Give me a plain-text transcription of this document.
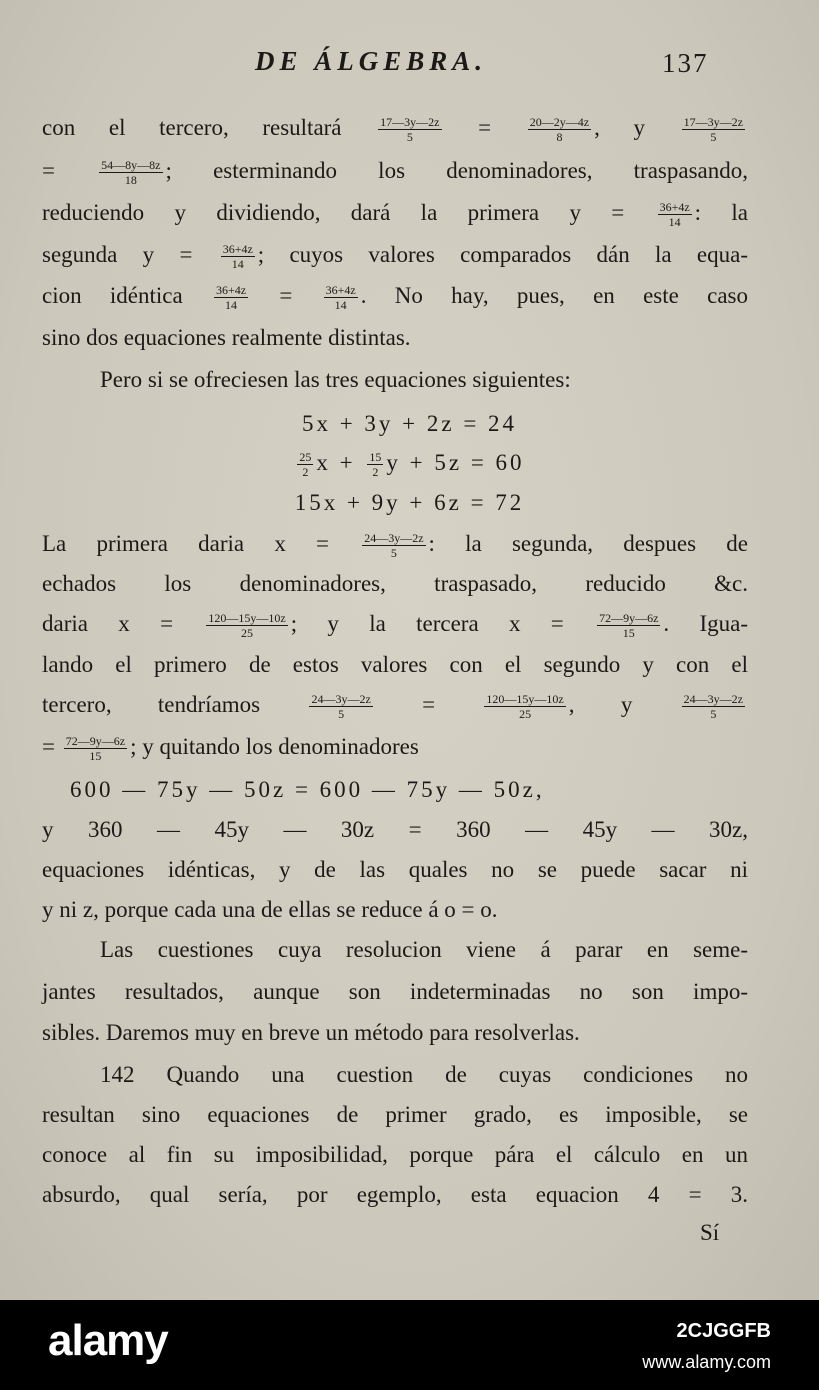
DE ÁLGEBRA.	137
con el tercero, resultará $\frac{17—3y—2z}{5} = \frac{20—2y—4z}{8}$ , y $\frac{17—3y—2z}{5}$
= $\frac{54—8y—8z}{18}$ ; esterminando los denominadores, traspasando,
reduciendo y dividiendo, dará la primera $y = \frac{36+4z}{14}$ : la
segunda $y = \frac{36+4z}{14}$ ; cuyos valores comparados dán la equa-
cion idéntica $\frac{36+4z}{14} = \frac{36+4z}{14}$ . No hay, pues, en este caso
sino dos equaciones realmente distintas.
Pero si se ofreciesen las tres equaciones siguientes:
5x + 3y + 2z = 24
$\frac{25}{2}$ $x + \frac{15}{2}$ y + 5z = 60
15x + 9y + 6z = 72
La primera daria $x = \frac{24—3y—2z}{5}$ : la segunda, despues de
echados los denominadores, traspasado, reducido &c.
daria $x = \frac{120—15y—10z}{25}$ ; y la tercera $x = \frac{72—9y—6z}{15}$ . Igua-
lando el primero de estos valores con el segundo y con el
tercero, tendríamos $\frac{24—3y—2z}{5} = \frac{120—15y—10z}{25}$ , y $\frac{24—3y—2z}{5}$
= $\frac{72—9y—6z}{15}$ ; y quitando los denominadores
600 — 75y — 50z = 600 — 75y — 50z,
y 360 — 45y — 30z = 360 — 45y — 30z,
equaciones idénticas, y de las quales no se puede sacar ni
y ni z, porque cada una de ellas se reduce á o = o.
Las cuestiones cuya resolucion viene á parar en seme-
jantes resultados, aunque son indeterminadas no son impo-
sibles. Daremos muy en breve un método para resolverlas.
142 Quando una cuestion de cuyas condiciones no
resultan sino equaciones de primer grado, es imposible, se
conoce al fin su imposibilidad, porque pára el cálculo en un
absurdo, qual sería, por egemplo, esta equacion 4 = 3.
Sí
alamy	2CJGGFB
www.alamy.com
